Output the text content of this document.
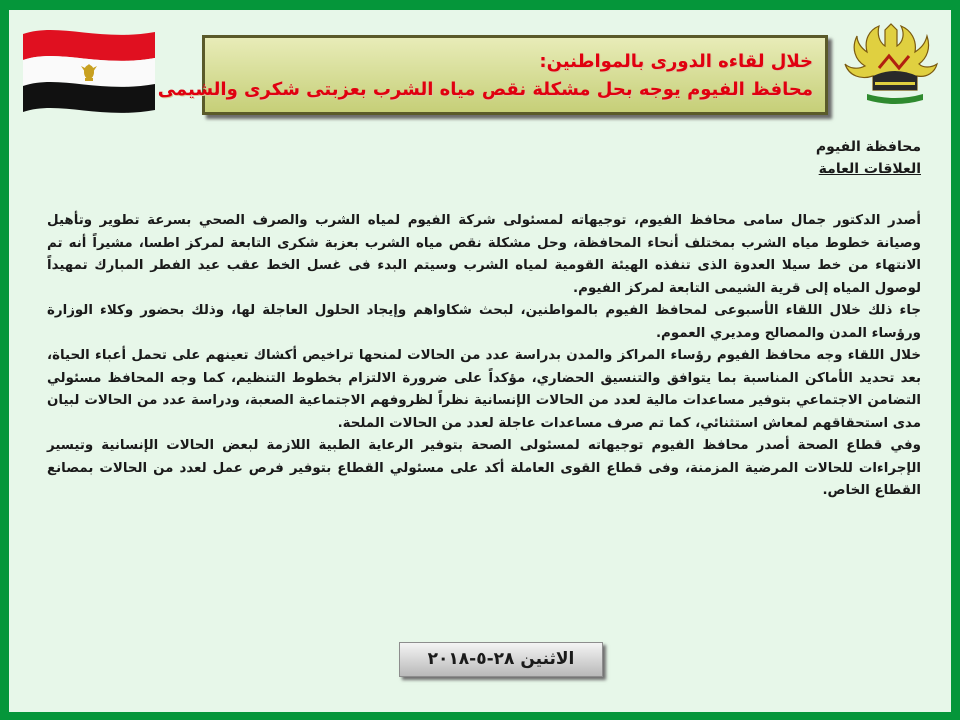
خلال لقاءه الدورى بالمواطنين:
محافظ الفيوم يوجه بحل مشكلة نقص مياه الشرب بعزبتى شكرى والشيمى
محافظة الفيوم
العلاقات العامة

أصدر الدكتور جمال سامى محافظ الفيوم، توجيهاته لمسئولى شركة الفيوم لمياه الشرب والصرف الصحي بسرعة تطوير وتأهيل وصيانة خطوط مياه الشرب بمختلف أنحاء المحافظة، وحل مشكلة نقص مياه الشرب بعزبة شكرى التابعة لمركز اطسا، مشيراً أنه تم الانتهاء من خط سيلا العدوة الذى تنفذه الهيئة القومية لمياه الشرب وسيتم البدء فى غسل الخط عقب عيد الفطر المبارك تمهيداً لوصول المياه إلى قرية الشيمى التابعة لمركز الفيوم.

جاء ذلك خلال اللقاء الأسبوعى لمحافظ الفيوم بالمواطنين، لبحث شكاواهم وإيجاد الحلول العاجلة لها، وذلك بحضور وكلاء الوزارة ورؤساء المدن والمصالح ومديري العموم.

خلال اللقاء وجه محافظ الفيوم رؤساء المراكز والمدن بدراسة عدد من الحالات لمنحها تراخيص أكشاك تعينهم على تحمل أعباء الحياة، بعد تحديد الأماكن المناسبة بما يتوافق والتنسيق الحضاري، مؤكداً على ضرورة الالتزام بخطوط التنظيم، كما وجه المحافظ مسئولي التضامن الاجتماعي بتوفير مساعدات مالية لعدد من الحالات الإنسانية نظراً لظروفهم الاجتماعية الصعبة، ودراسة عدد من الحالات لبيان مدى استحقاقهم لمعاش استثنائي، كما تم صرف مساعدات عاجلة لعدد من الحالات الملحة.

وفي قطاع الصحة أصدر محافظ الفيوم توجيهاته لمسئولى الصحة بتوفير الرعاية الطبية اللازمة لبعض الحالات الإنسانية وتيسير الإجراءات للحالات المرضية المزمنة، وفى قطاع القوى العاملة أكد على مسئولي القطاع بتوفير فرص عمل لعدد من الحالات بمصانع القطاع الخاص.

الاثنين ٢٨-٥-٢٠١٨
